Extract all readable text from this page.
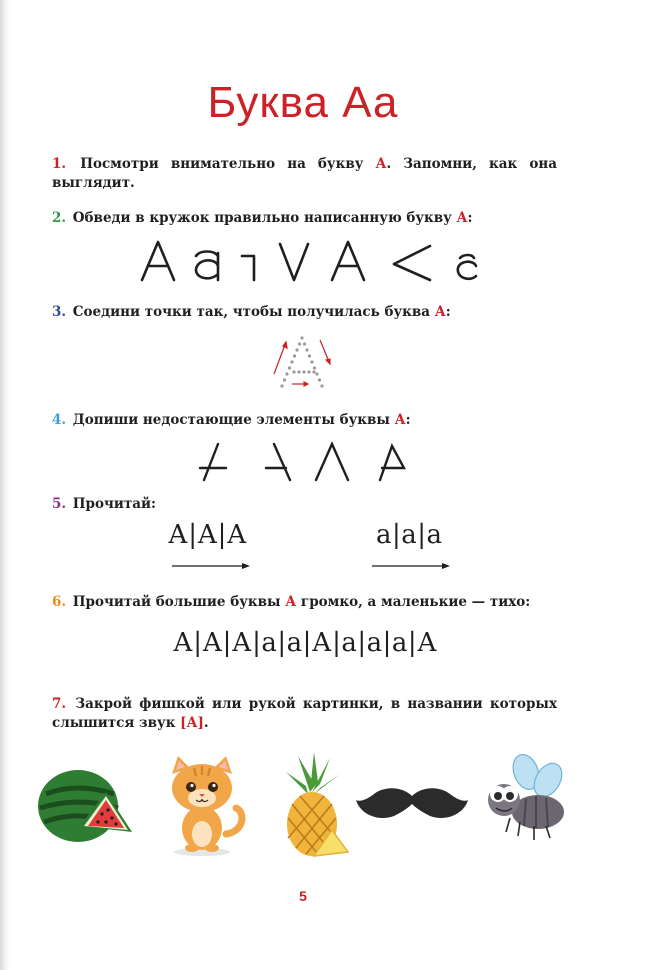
Буква Аа
1. Посмотри внимательно на букву А. Запомни, как она выглядит.
2. Обведи в кружок правильно написанную букву А:
3. Соедини точки так, чтобы получилась буква А:
4. Допиши недостающие элементы буквы А:
5. Прочитай:
А|А|А	а|а|а
6. Прочитай большие буквы А громко, а маленькие — тихо:
А|А|А|а|а|А|а|а|а|А
7. Закрой фишкой или рукой картинки, в названии которых слышится звук [А].
5
